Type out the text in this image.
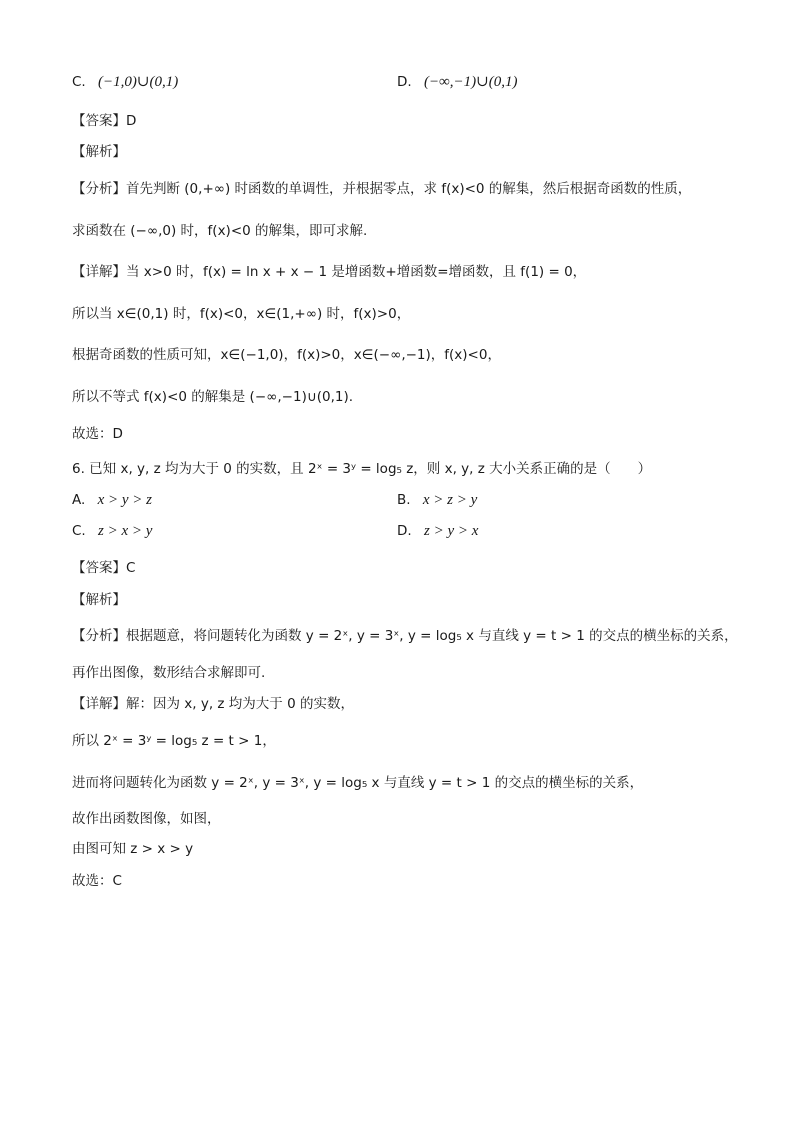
C. (−1,0)∪(0,1)	D. (−∞,−1)∪(0,1)
【答案】D
【解析】
【分析】首先判断 (0,+∞) 时函数的单调性，并根据零点，求 f(x)<0 的解集，然后根据奇函数的性质，
求函数在 (−∞,0) 时，f(x)<0 的解集，即可求解.
【详解】当 x>0 时，f(x) = ln x + x − 1 是增函数+增函数=增函数，且 f(1) = 0，
所以当 x∈(0,1) 时，f(x)<0，x∈(1,+∞) 时，f(x)>0，
根据奇函数的性质可知，x∈(−1,0)，f(x)>0，x∈(−∞,−1)，f(x)<0，
所以不等式 f(x)<0 的解集是 (−∞,−1)∪(0,1).
故选：D
6. 已知 x, y, z 均为大于 0 的实数，且 2ˣ = 3ʸ = log₅ z，则 x, y, z 大小关系正确的是（　　）
A. x > y > z	B. x > z > y
C. z > x > y	D. z > y > x
【答案】C
【解析】
【分析】根据题意，将问题转化为函数 y = 2ˣ, y = 3ˣ, y = log₅ x 与直线 y = t > 1 的交点的横坐标的关系，
再作出图像，数形结合求解即可.
【详解】解：因为 x, y, z 均为大于 0 的实数，
所以 2ˣ = 3ʸ = log₅ z = t > 1，
进而将问题转化为函数 y = 2ˣ, y = 3ˣ, y = log₅ x 与直线 y = t > 1 的交点的横坐标的关系，
故作出函数图像，如图，
由图可知 z > x > y
故选：C
